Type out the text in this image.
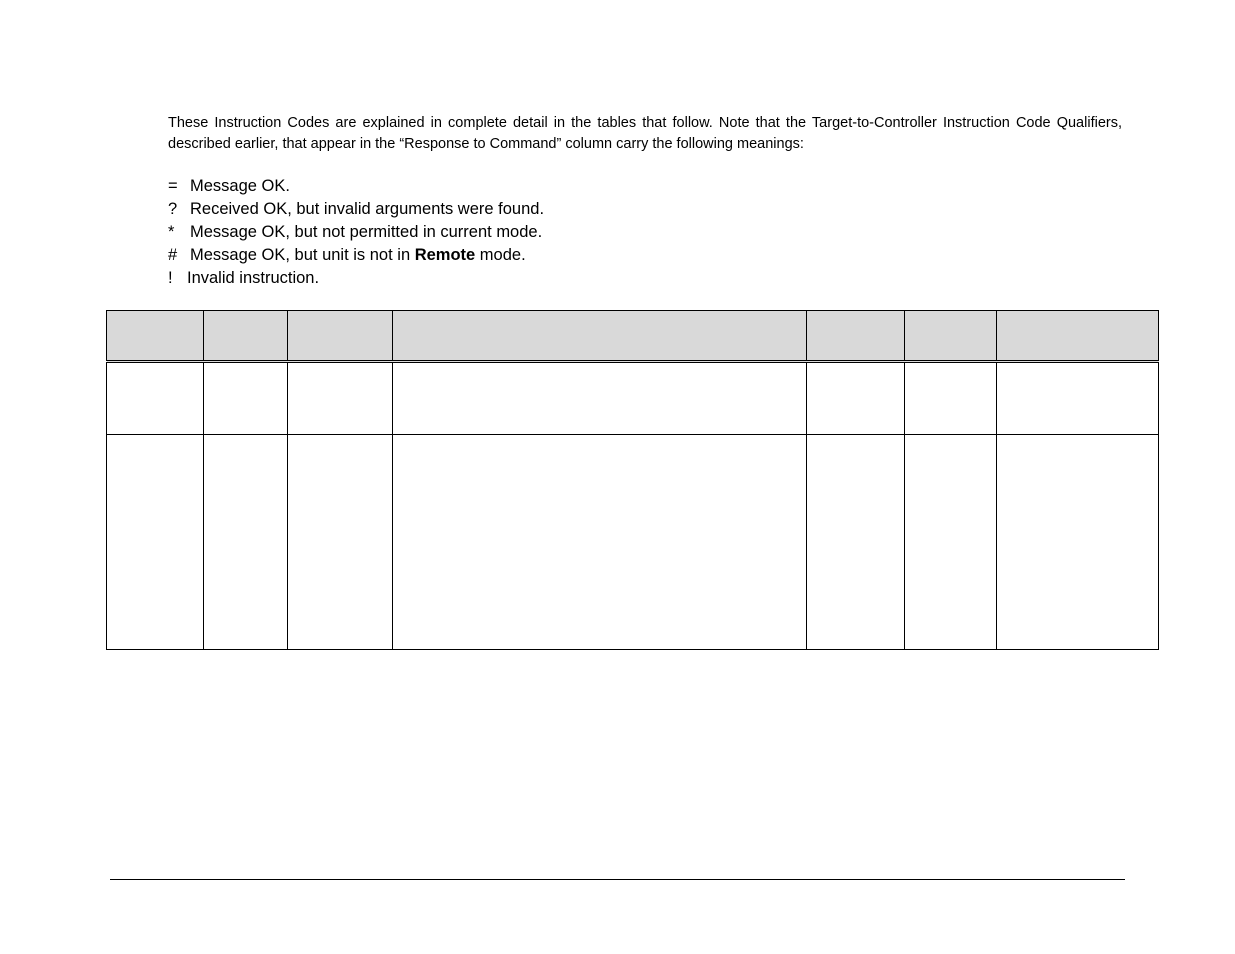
These Instruction Codes are explained in complete detail in the tables that follow. Note that the Target-to-Controller Instruction Code Qualifiers, described earlier, that appear in the “Response to Command” column carry the following meanings:

= Message OK.
? Received OK, but invalid arguments were found.
* Message OK, but not permitted in current mode.
# Message OK, but unit is not in Remote mode.
! Invalid instruction.
